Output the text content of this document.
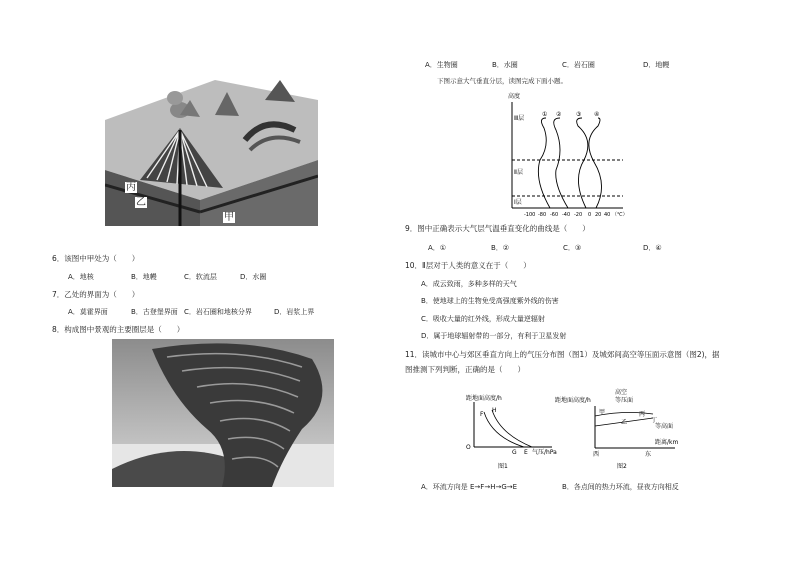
丙
乙
甲
6．该图中甲处为（　　）
A．地核	B．地幔	C．软流层	D．水圈
7．乙处的界面为（　　）
A．莫霍界面	B．古登堡界面 C．岩石圈和地核分界	D．岩浆上界
8．构成图中景观的主要圈层是（　　）
A．生物圈	B．水圈	C．岩石圈	D．地幔
下图示意大气垂直分层，读图完成下面小题。
高度
Ⅲ层
Ⅱ层
Ⅰ层
① ② ③ ④
-100 -80 -60 -40 -20 0 20 40 （℃）
9．图中正确表示大气层气温垂直变化的曲线是（　　）
A．①	B．②	C．③	D．④
10．Ⅱ层对于人类的意义在于（　　）
A．成云致雨，多种多样的天气
B．使地球上的生物免受高强度紫外线的伤害
C．吸收大量的红外线，形成大量逆辐射
D．属于地球辐射带的一部分，有利于卫星发射
11．读城市中心与郊区垂直方向上的气压分布图（图1）及城郊间高空等压面示意图（图2)，据
图推测下列判断，正确的是（　　）
距地面高度/h
O
F
H
G E 气压/hPa
图1
距地面高度/h
高空
等压面
甲	丙
乙	丁
等高面
距离/km
西	东
图2
A．环流方向是 E→F→H→G→E	B．各点间的热力环流，昼夜方向相反
